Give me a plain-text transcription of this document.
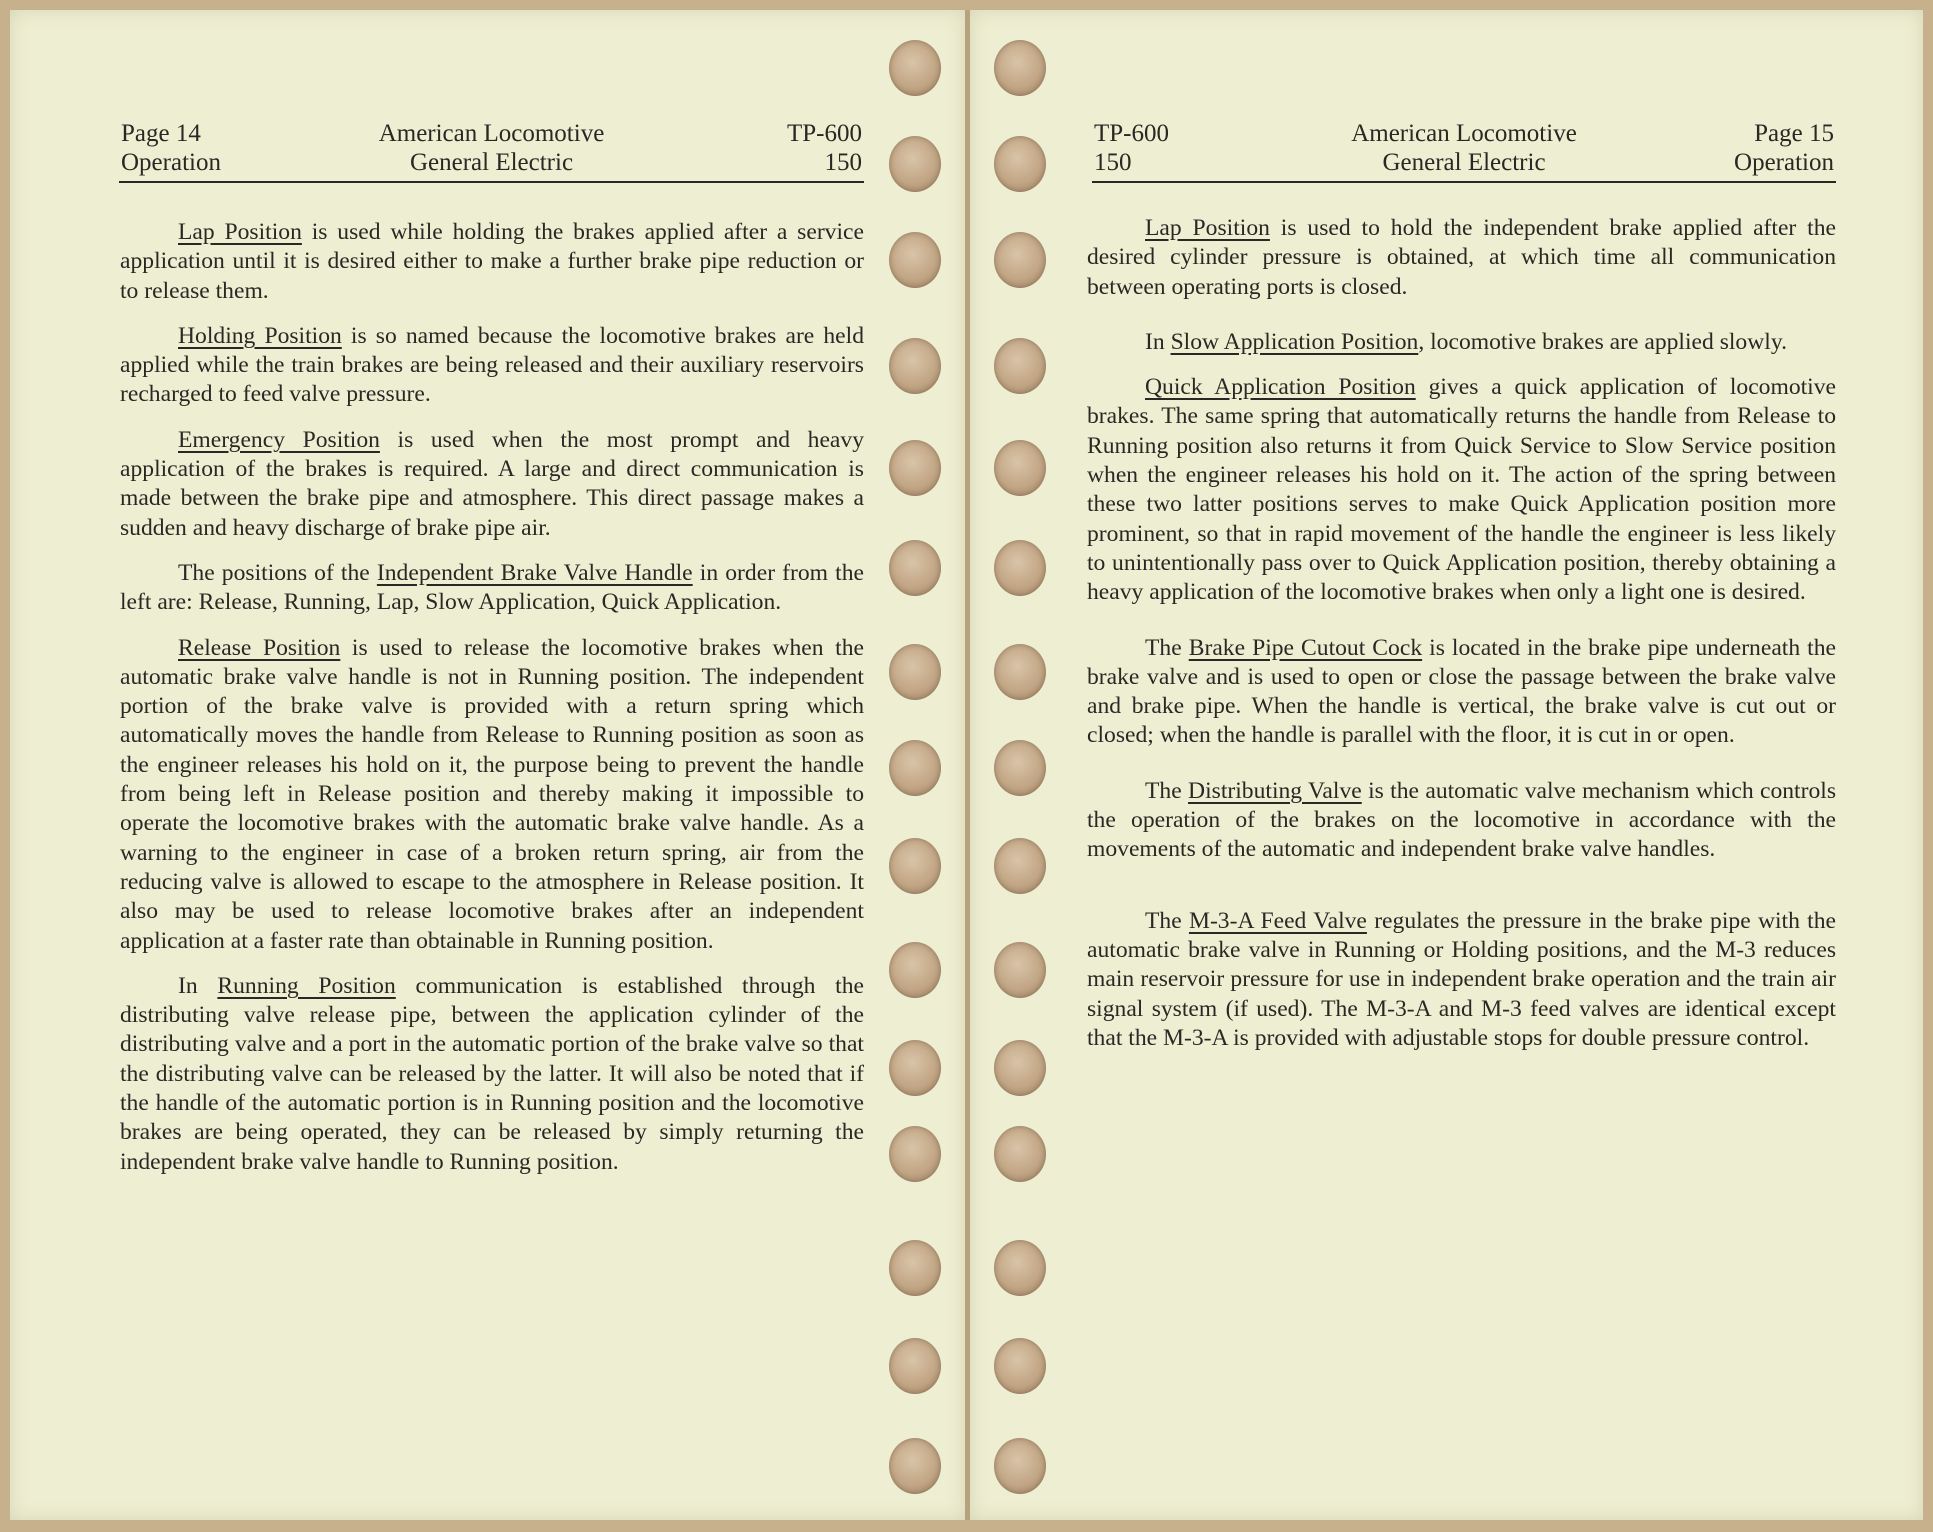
Page 14
Operation
American Locomotive
General Electric
TP-600
150

Lap Position is used while holding the brakes applied after a service application until it is desired either to make a further brake pipe reduction or to release them.

Holding Position is so named because the locomotive brakes are held applied while the train brakes are being released and their auxiliary reservoirs recharged to feed valve pressure.

Emergency Position is used when the most prompt and heavy application of the brakes is required. A large and direct communication is made between the brake pipe and atmosphere. This direct passage makes a sudden and heavy discharge of brake pipe air.

The positions of the Independent Brake Valve Handle in order from the left are: Release, Running, Lap, Slow Application, Quick Application.

Release Position is used to release the locomotive brakes when the automatic brake valve handle is not in Running position. The independent portion of the brake valve is provided with a return spring which automatically moves the handle from Release to Running position as soon as the engineer releases his hold on it, the purpose being to prevent the handle from being left in Release position and thereby making it impossible to operate the locomotive brakes with the automatic brake valve handle. As a warning to the engineer in case of a broken return spring, air from the reducing valve is allowed to escape to the atmosphere in Release position. It also may be used to release locomotive brakes after an independent application at a faster rate than obtainable in Running position.

In Running Position communication is established through the distributing valve release pipe, between the application cylinder of the distributing valve and a port in the automatic portion of the brake valve so that the distributing valve can be released by the latter. It will also be noted that if the handle of the automatic portion is in Running position and the locomotive brakes are being operated, they can be released by simply returning the independent brake valve handle to Running position.

TP-600
150
American Locomotive
General Electric
Page 15
Operation

Lap Position is used to hold the independent brake applied after the desired cylinder pressure is obtained, at which time all communication between operating ports is closed.

In Slow Application Position, locomotive brakes are applied slowly.

Quick Application Position gives a quick application of locomotive brakes. The same spring that automatically returns the handle from Release to Running position also returns it from Quick Service to Slow Service position when the engineer releases his hold on it. The action of the spring between these two latter positions serves to make Quick Application position more prominent, so that in rapid movement of the handle the engineer is less likely to unintentionally pass over to Quick Application position, thereby obtaining a heavy application of the locomotive brakes when only a light one is desired.

The Brake Pipe Cutout Cock is located in the brake pipe underneath the brake valve and is used to open or close the passage between the brake valve and brake pipe. When the handle is vertical, the brake valve is cut out or closed; when the handle is parallel with the floor, it is cut in or open.

The Distributing Valve is the automatic valve mechanism which controls the operation of the brakes on the locomotive in accordance with the movements of the automatic and independent brake valve handles.

The M-3-A Feed Valve regulates the pressure in the brake pipe with the automatic brake valve in Running or Holding positions, and the M-3 reduces main reservoir pressure for use in independent brake operation and the train air signal system (if used). The M-3-A and M-3 feed valves are identical except that the M-3-A is provided with adjustable stops for double pressure control.
